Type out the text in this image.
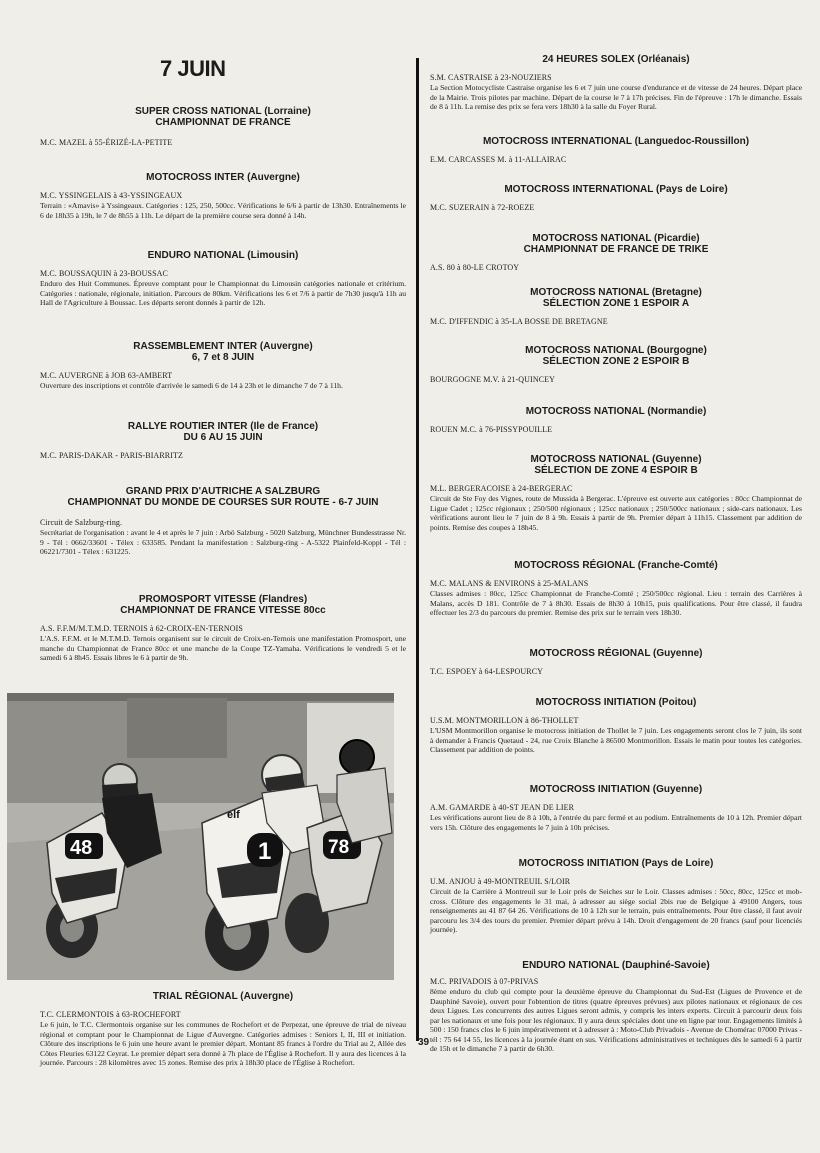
7 JUIN
SUPER CROSS NATIONAL (Lorraine)
CHAMPIONNAT DE FRANCE
M.C. MAZEL à 55-ÉRIZÉ-LA-PETITE
MOTOCROSS INTER (Auvergne)
M.C. YSSINGELAIS à 43-YSSINGEAUX
Terrain : «Amavis» à Yssingeaux. Catégories : 125, 250, 500cc. Vérifications le 6/6 à partir de 13h30. Entraînements le 6 de 18h35 à 19h, le 7 de 8h55 à 11h. Le départ de la première course sera donné à 14h.
ENDURO NATIONAL (Limousin)
M.C. BOUSSAQUIN à 23-BOUSSAC
Enduro des Huit Communes. Épreuve comptant pour le Championnat du Limousin catégories nationale et critérium. Catégories : nationale, régionale, initiation. Parcours de 80km. Vérifications les 6 et 7/6 à partir de 7h30 jusqu'à 11h au Hall de l'Agriculture à Boussac. Les départs seront donnés à partir de 12h.
RASSEMBLEMENT INTER (Auvergne)
6, 7 et 8 JUIN
M.C. AUVERGNE à JOB 63-AMBERT
Ouverture des inscriptions et contrôle d'arrivée le samedi 6 de 14 à 23h et le dimanche 7 de 7 à 11h.
RALLYE ROUTIER INTER (Ile de France)
DU 6 AU 15 JUIN
M.C. PARIS-DAKAR - PARIS-BIARRITZ
GRAND PRIX D'AUTRICHE A SALZBURG
CHAMPIONNAT DU MONDE DE COURSES SUR ROUTE - 6-7 JUIN
Circuit de Salzburg-ring.
Secrétariat de l'organisation : avant le 4 et après le 7 juin : Arbö Salzburg - 5020 Salzburg, Münchner Bundesstrasse Nr. 9 - Tél : 0662/33601 - Télex : 633585. Pendant la manifestation : Salzburg-ring - A-5322 Plainfeld-Koppl - Tél : 06221/7301 - Télex : 631225.
PROMOSPORT VITESSE (Flandres)
CHAMPIONNAT DE FRANCE VITESSE 80cc
A.S. F.F.M/M.T.M.D. TERNOIS à 62-CROIX-EN-TERNOIS
L'A.S. F.F.M. et le M.T.M.D. Ternois organisent sur le circuit de Croix-en-Ternois une manifestation Promosport, une manche du Championnat de France 80cc et une manche de la Coupe TZ-Yamaha. Vérifications le vendredi 5 et le samedi 6 à 8h45. Essais libres le 6 à partir de 9h.
TRIAL RÉGIONAL (Auvergne)
T.C. CLERMONTOIS à 63-ROCHEFORT
Le 6 juin, le T.C. Clermontois organise sur les communes de Rochefort et de Perpezat, une épreuve de trial de niveau régional et comptant pour le Championnat de Ligue d'Auvergne. Catégories admises : Seniors I, II, III et initiation. Clôture des inscriptions le 6 juin une heure avant le premier départ. Montant 85 francs à l'ordre du Trial au 2, Allée des Côtes Fleuries 63122 Ceyrat. Le premier départ sera donné à 7h place de l'Église à Rochefort. Il y aura des licences à la journée. Parcours : 28 kilomètres avec 15 zones. Remise des prix à 18h30 place de l'Église à Rochefort.
48	1
elf
78
24 HEURES SOLEX (Orléanais)
S.M. CASTRAISE à 23-NOUZIERS
La Section Motocycliste Castraise organise les 6 et 7 juin une course d'endurance et de vitesse de 24 heures. Départ place de la Mairie. Trois pilotes par machine. Départ de la course le 7 à 17h précises. Fin de l'épreuve : 17h le dimanche. Essais de 8 à 11h. La remise des prix se fera vers 18h30 à la salle du Foyer Rural.
MOTOCROSS INTERNATIONAL (Languedoc-Roussillon)
E.M. CARCASSES M. à 11-ALLAIRAC
MOTOCROSS INTERNATIONAL (Pays de Loire)
M.C. SUZERAIN à 72-ROEZE
MOTOCROSS NATIONAL (Picardie)
CHAMPIONNAT DE FRANCE DE TRIKE
A.S. 80 à 80-LE CROTOY
MOTOCROSS NATIONAL (Bretagne)
SÉLECTION ZONE 1 ESPOIR A
M.C. D'IFFENDIC à 35-LA BOSSE DE BRETAGNE
MOTOCROSS NATIONAL (Bourgogne)
SÉLECTION ZONE 2 ESPOIR B
BOURGOGNE M.V. à 21-QUINCEY
MOTOCROSS NATIONAL (Normandie)
ROUEN M.C. à 76-PISSYPOUILLE
MOTOCROSS NATIONAL (Guyenne)
SÉLECTION DE ZONE 4 ESPOIR B
M.L. BERGERACOISE à 24-BERGERAC
Circuit de Ste Foy des Vignes, route de Mussida à Bergerac. L'épreuve est ouverte aux catégories : 80cc Championnat de Ligue Cadet ; 125cc régionaux ; 250/500 régionaux ; 125cc nationaux ; 250/500cc nationaux ; side-cars nationaux. Les vérifications auront lieu le 7 juin de 8 à 9h. Essais à partir de 9h. Premier départ à 11h15. Classement par addition de points. Remise des coupes à 18h45.
MOTOCROSS RÉGIONAL (Franche-Comté)
M.C. MALANS & ENVIRONS à 25-MALANS
Classes admises : 80cc, 125cc Championnat de Franche-Comté ; 250/500cc régional. Lieu : terrain des Carrières à Malans, accès D 181. Contrôle de 7 à 8h30. Essais de 8h30 à 10h15, puis qualifications. Pour être classé, il faudra effectuer les 2/3 du parcours du premier. Remise des prix sur le terrain vers 18h30.
MOTOCROSS RÉGIONAL (Guyenne)
T.C. ESPOEY à 64-LESPOURCY
MOTOCROSS INITIATION (Poitou)
U.S.M. MONTMORILLON à 86-THOLLET
L'USM Montmorillon organise le motocross initiation de Thollet le 7 juin. Les engagements seront clos le 7 juin, ils sont à demander à Francis Quetaud - 24, rue Croix Blanche à 86500 Montmorillon. Essais le matin pour toutes les catégories. Classement par addition de points.
MOTOCROSS INITIATION (Guyenne)
A.M. GAMARDE à 40-ST JEAN DE LIER
Les vérifications auront lieu de 8 à 10h, à l'entrée du parc fermé et au podium. Entraînements de 10 à 12h. Premier départ vers 15h. Clôture des engagements le 7 juin à 10h précises.
MOTOCROSS INITIATION (Pays de Loire)
U.M. ANJOU à 49-MONTREUIL S/LOIR
Circuit de la Carrière à Montreuil sur le Loir près de Seiches sur le Loir. Classes admises : 50cc, 80cc, 125cc et mob-cross. Clôture des engagements le 31 mai, à adresser au siège social 2bis rue de Belgique à 49100 Angers, tous renseignements au 41 87 64 26. Vérifications de 10 à 12h sur le terrain, puis entraînements. Pour être classé, il faut avoir parcouru les 3/4 des tours du premier. Premier départ prévu à 14h. Droit d'engagement de 20 francs (sauf pour licenciés journée).
ENDURO NATIONAL (Dauphiné-Savoie)
M.C. PRIVADOIS à 07-PRIVAS
8ème enduro du club qui compte pour la deuxième épreuve du Championnat du Sud-Est (Ligues de Provence et de Dauphiné Savoie), ouvert pour l'obtention de titres (quatre épreuves prévues) aux pilotes nationaux et régionaux de ces deux Ligues. Les concurrents des autres Ligues seront admis, y compris les inters experts. Circuit à parcourir deux fois par les nationaux et une fois pour les régionaux. Il y aura deux spéciales dont une en ligne par tour. Engagements limités à 500 : 150 francs clos le 6 juin impérativement et à adresser à : Moto-Club Privadois - Avenue de Chomérac 07000 Privas - tél : 75 64 14 55, les licences à la journée étant en sus. Vérifications administratives et techniques dès le samedi 6 à partir de 15h et le dimanche 7 à partir de 6h30.
39
